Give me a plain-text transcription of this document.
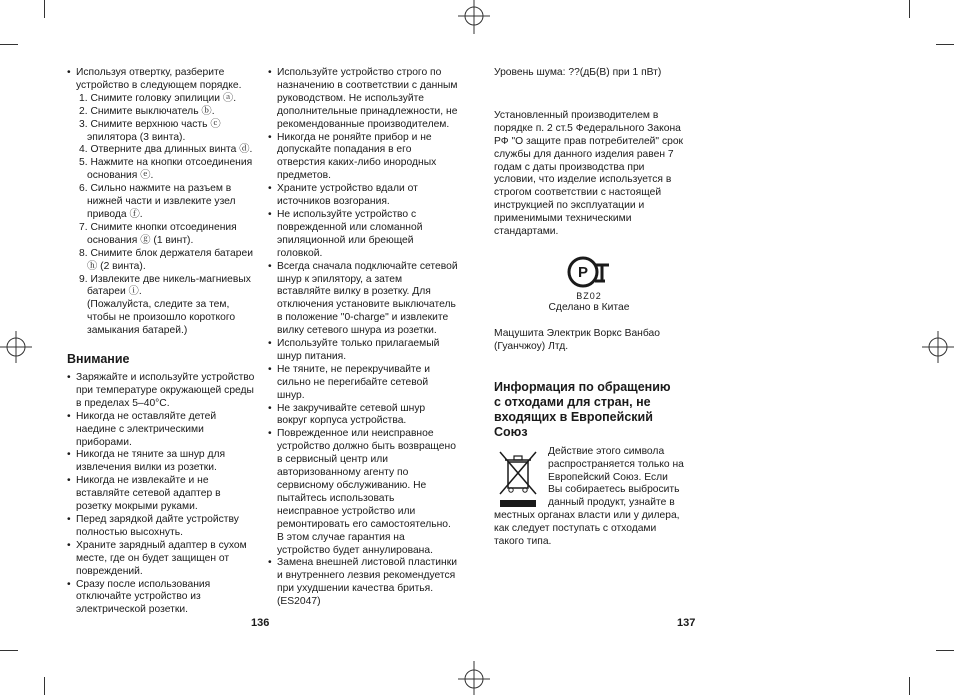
• Используя отвертку, разберите устройство в следующем порядке.

1. Снимите головку эпилиции ⓐ.

2. Снимите выключатель ⓑ.

3. Снимите верхнюю часть ⓒ эпилятора (3 винта).

4. Отверните два длинных винта ⓓ.

5. Нажмите на кнопки отсоединения основания ⓔ.

6. Сильно нажмите на разъем в нижней части и извлеките узел привода ⓕ.

7. Снимите кнопки отсоединения основания ⓖ (1 винт).

8. Снимите блок держателя батареи ⓗ (2 винта).

9. Извлеките две никель-магниевых батареи ⓘ.

(Пожалуйста, следите за тем, чтобы не произошло короткого замыкания батарей.)

Внимание

• Заряжайте и используйте устройство при температуре окружающей среды в пределах 5–40°C.

• Никогда не оставляйте детей наедине с электрическими приборами.

• Никогда не тяните за шнур для извлечения вилки из розетки.

• Никогда не извлекайте и не вставляйте сетевой адаптер в розетку мокрыми руками.

• Перед зарядкой дайте устройству полностью высохнуть.

• Храните зарядный адаптер в сухом месте, где он будет защищен от повреждений.

• Сразу после использования отключайте устройство из электрической розетки.

• Используйте устройство строго по назначению в соответствии с данным руководством. Не используйте дополнительные принадлежности, не рекомендованные производителем.

• Никогда не роняйте прибор и не допускайте попадания в его отверстия каких-либо инородных предметов.

• Храните устройство вдали от источников возгорания.

• Не используйте устройство с поврежденной или сломанной эпиляционной или бреющей головкой.

• Всегда сначала подключайте сетевой шнур к эпилятору, а затем вставляйте вилку в розетку. Для отключения установите выключатель в положение "0-charge" и извлеките вилку сетевого шнура из розетки.

• Используйте только прилагаемый шнур питания.

• Не тяните, не перекручивайте и сильно не перегибайте сетевой шнур.

• Не закручивайте сетевой шнур вокруг корпуса устройства.

• Поврежденное или неисправное устройство должно быть возвращено в сервисный центр или авторизованному агенту по сервисному обслуживанию. Не пытайтесь использовать неисправное устройство или ремонтировать его самостоятельно. В этом случае гарантия на устройство будет аннулирована.

• Замена внешней листовой пластинки и внутреннего лезвия рекомендуется при ухудшении качества бритья. (ES2047)

136

Уровень шума: ??(дБ(B) при 1 пВт)

Установленный производителем в порядке п. 2 ст.5 Федерального Закона РФ "О защите прав потребителей" срок службы для данного изделия равен 7 годам с даты производства при условии, что изделие используется в строгом соответствии с настоящей инструкцией по эксплуатации и применимыми техническими стандартами.

P

BZ02

Сделано в Китае

Мацушита Электрик Воркс Ванбао (Гуанчжоу) Лтд.

Информация по обращению с отходами для стран, не входящих в Европейский Союз

Действие этого символа распространяется только на Европейский Союз. Если Вы собираетесь выбросить данный продукт, узнайте в местных органах власти или у дилера, как следует поступать с отходами такого типа.

137
